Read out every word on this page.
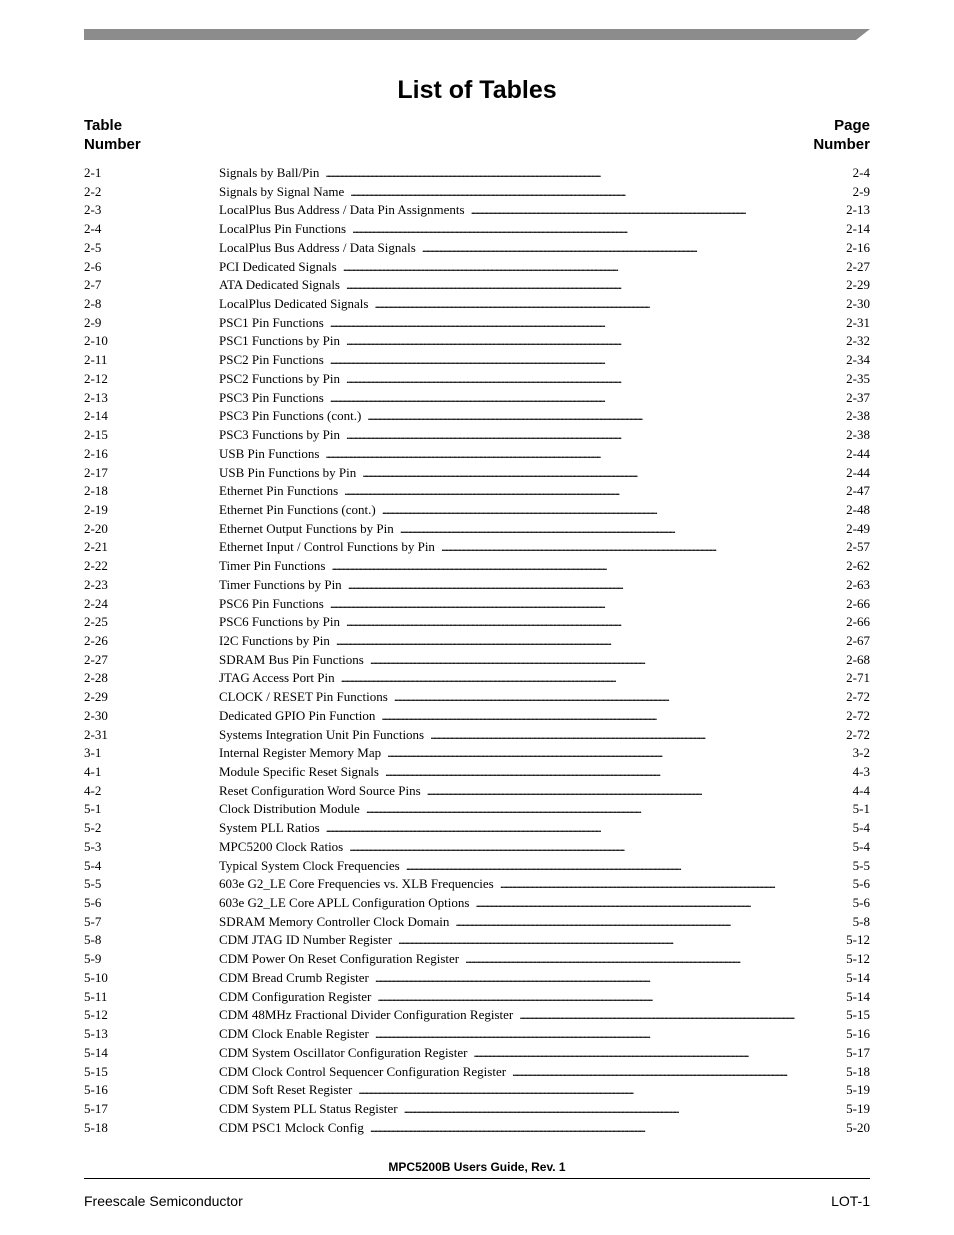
List of Tables
Table
Number
Page
Number
2-1	Signals by Ball/Pin . . .	2-4
2-2	Signals by Signal Name . . .	2-9
2-3	LocalPlus Bus Address / Data Pin Assignments . . .	2-13
2-4	LocalPlus Pin Functions . . .	2-14
2-5	LocalPlus Bus Address / Data Signals . . .	2-16
2-6	PCI Dedicated Signals . . .	2-27
2-7	ATA Dedicated Signals . . .	2-29
2-8	LocalPlus Dedicated Signals . . .	2-30
2-9	PSC1 Pin Functions . . .	2-31
2-10	PSC1 Functions by Pin . . .	2-32
2-11	PSC2 Pin Functions . . .	2-34
2-12	PSC2 Functions by Pin . . .	2-35
2-13	PSC3 Pin Functions . . .	2-37
2-14	PSC3 Pin Functions (cont.) . . .	2-38
2-15	PSC3 Functions by Pin . . .	2-38
2-16	USB Pin Functions . . .	2-44
2-17	USB Pin Functions by Pin . . .	2-44
2-18	Ethernet Pin Functions . . .	2-47
2-19	Ethernet Pin Functions (cont.) . . .	2-48
2-20	Ethernet Output Functions by Pin . . .	2-49
2-21	Ethernet Input / Control Functions by Pin . . .	2-57
2-22	Timer Pin Functions . . .	2-62
2-23	Timer Functions by Pin . . .	2-63
2-24	PSC6 Pin Functions . . .	2-66
2-25	PSC6 Functions by Pin . . .	2-66
2-26	I2C Functions by Pin . . .	2-67
2-27	SDRAM Bus Pin Functions . . .	2-68
2-28	JTAG Access Port Pin . . .	2-71
2-29	CLOCK / RESET Pin Functions . . .	2-72
2-30	Dedicated GPIO Pin Function . . .	2-72
2-31	Systems Integration Unit Pin Functions . . .	2-72
3-1	Internal Register Memory Map . . .	3-2
4-1	Module Specific Reset Signals . . .	4-3
4-2	Reset Configuration Word Source Pins . . .	4-4
5-1	Clock Distribution Module . . .	5-1
5-2	System PLL Ratios . . .	5-4
5-3	MPC5200 Clock Ratios . . .	5-4
5-4	Typical System Clock Frequencies . . .	5-5
5-5	603e G2_LE Core Frequencies vs. XLB Frequencies . . .	5-6
5-6	603e G2_LE Core APLL Configuration Options . . .	5-6
5-7	SDRAM Memory Controller Clock Domain . . .	5-8
5-8	CDM JTAG ID Number Register . . .	5-12
5-9	CDM Power On Reset Configuration Register . . .	5-12
5-10	CDM Bread Crumb Register . . .	5-14
5-11	CDM Configuration Register . . .	5-14
5-12	CDM 48MHz Fractional Divider Configuration Register . . .	5-15
5-13	CDM Clock Enable Register . . .	5-16
5-14	CDM System Oscillator Configuration Register . . .	5-17
5-15	CDM Clock Control Sequencer Configuration Register . . .	5-18
5-16	CDM Soft Reset Register . . .	5-19
5-17	CDM System PLL Status Register . . .	5-19
5-18	CDM PSC1 Mclock Config . . .	5-20
MPC5200B Users Guide, Rev. 1
Freescale Semiconductor	LOT-1
